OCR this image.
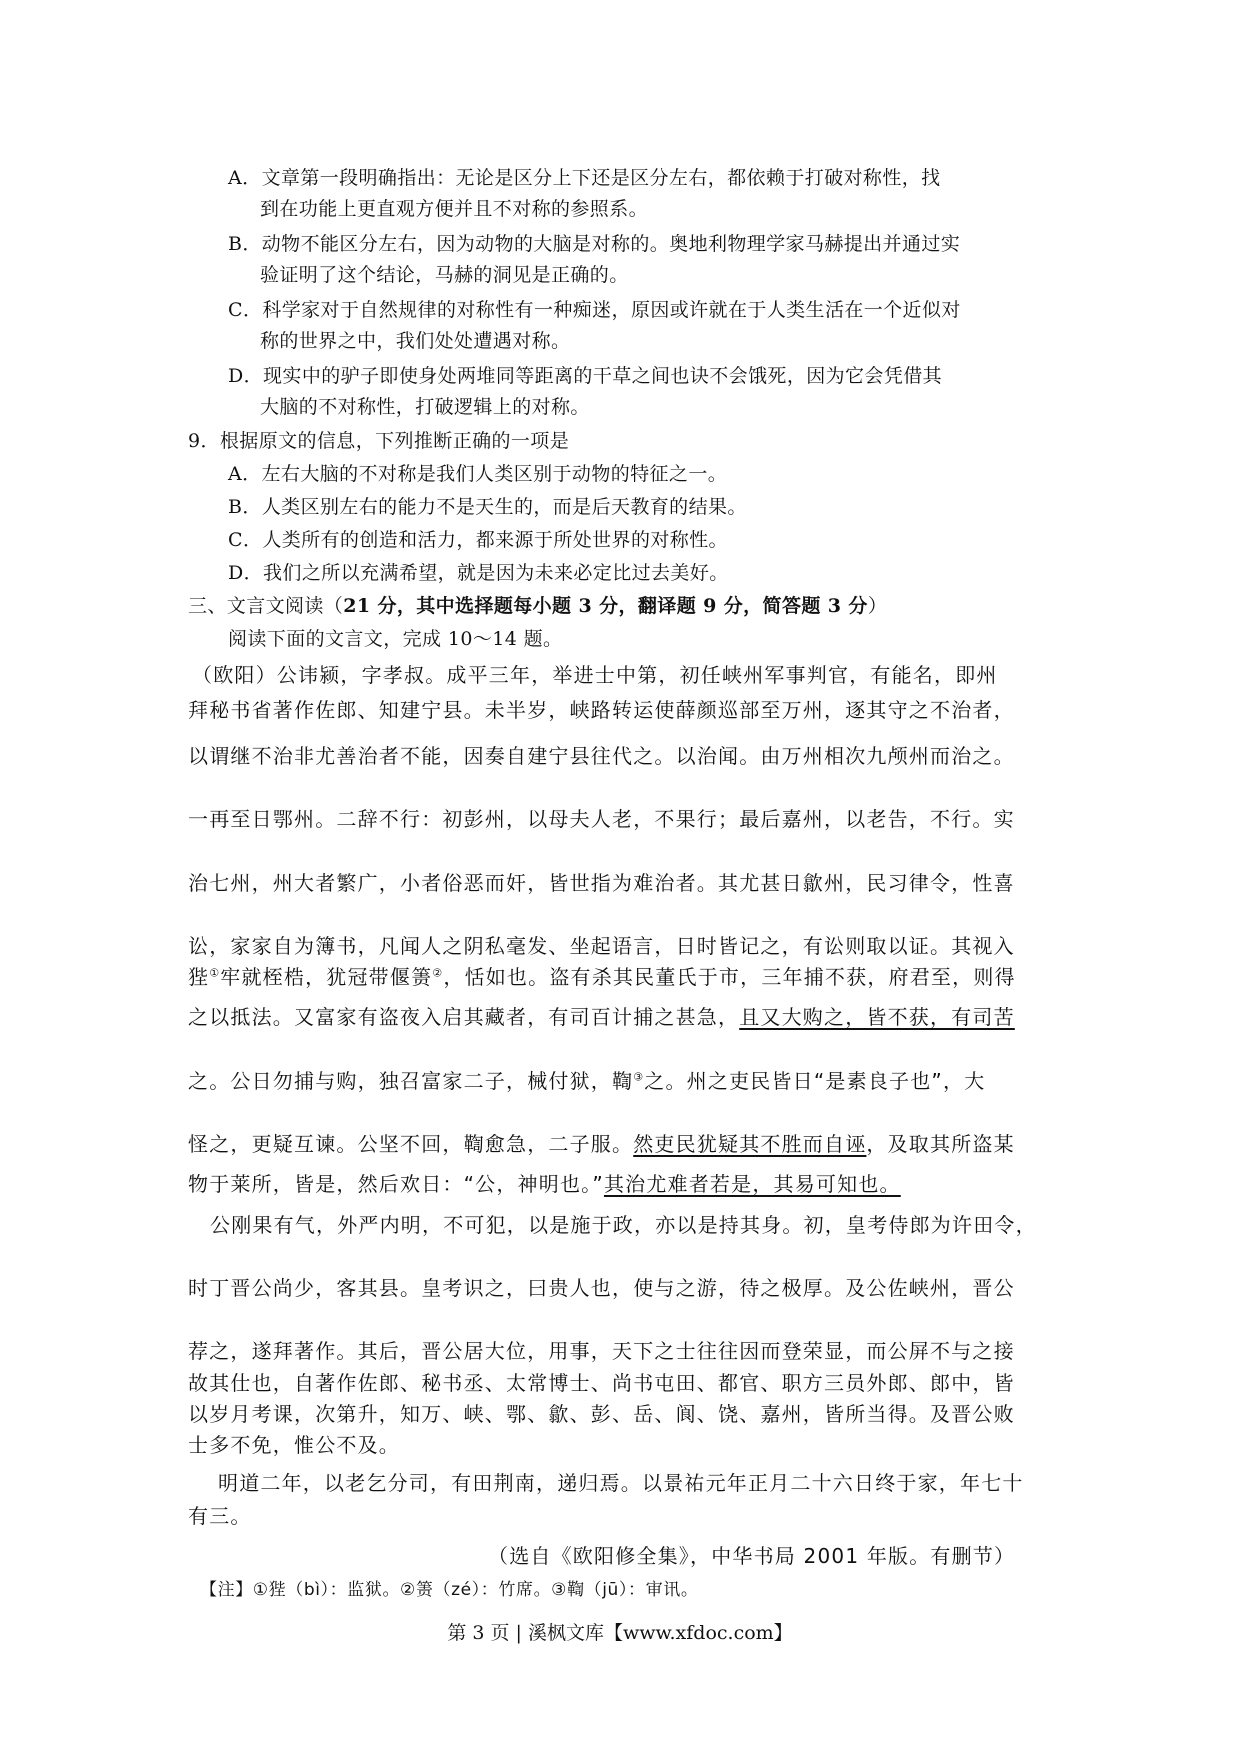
A．文章第一段明确指出：无论是区分上下还是区分左右，都依赖于打破对称性，找
到在功能上更直观方便并且不对称的参照系。
B．动物不能区分左右，因为动物的大脑是对称的。奥地利物理学家马赫提出并通过实
验证明了这个结论，马赫的洞见是正确的。
C．科学家对于自然规律的对称性有一种痴迷，原因或许就在于人类生活在一个近似对
称的世界之中，我们处处遭遇对称。
D．现实中的驴子即使身处两堆同等距离的干草之间也诀不会饿死，因为它会凭借其
大脑的不对称性，打破逻辑上的对称。
9．根据原文的信息，下列推断正确的一项是
A．左右大脑的不对称是我们人类区别于动物的特征之一。
B．人类区别左右的能力不是天生的，而是后天教育的结果。
C．人类所有的创造和活力，都来源于所处世界的对称性。
D．我们之所以充满希望，就是因为未来必定比过去美好。
三、文言文阅读（21 分，其中选择题每小题 3 分，翻译题 9 分，简答题 3 分）
阅读下面的文言文，完成 10～14 题。
（欧阳）公讳颍，字孝叔。成平三年，举进士中第，初任峡州军事判官，有能名，即州
拜秘书省著作佐郎、知建宁县。未半岁，峡路转运使薛颜巡部至万州，逐其守之不治者，
以谓继不治非尤善治者不能，因奏自建宁县往代之。以治闻。由万州相次九颅州而治之。
一再至日鄂州。二辞不行：初彭州，以母夫人老，不果行；最后嘉州，以老告，不行。实
治七州，州大者繁广，小者俗恶而奸，皆世指为难治者。其尤甚日歙州，民习律令，性喜
讼，家家自为簿书，凡闻人之阴私毫发、坐起语言，日时皆记之，有讼则取以证。其视入
狴①牢就桎梏，犹冠带偃箦②，恬如也。盗有杀其民董氏于市，三年捕不获，府君至，则得
之以抵法。又富家有盗夜入启其藏者，有司百计捕之甚急，且又大购之，皆不获，有司苦
之。公日勿捕与购，独召富家二子，械付狱，鞫③之。州之吏民皆日“是素良子也”，大
怪之，更疑互谏。公坚不回，鞫愈急，二子服。然吏民犹疑其不胜而自诬，及取其所盗某
物于莱所，皆是，然后欢日：“公，神明也。”其治尤难者若是，其易可知也。
公刚果有气，外严内明，不可犯，以是施于政，亦以是持其身。初，皇考侍郎为许田令，
时丁晋公尚少，客其县。皇考识之，曰贵人也，使与之游，待之极厚。及公佐峡州，晋公
荐之，遂拜著作。其后，晋公居大位，用事，天下之士往往因而登荣显，而公屏不与之接
故其仕也，自著作佐郎、秘书丞、太常博士、尚书屯田、都官、职方三员外郎、郎中，皆
以岁月考课，次第升，知万、峡、鄂、歙、彭、岳、阆、饶、嘉州，皆所当得。及晋公败
士多不免，惟公不及。
明道二年，以老乞分司，有田荆南，递归焉。以景祐元年正月二十六日终于家，年七十
有三。
（选自《欧阳修全集》，中华书局 2001 年版。有删节）
【注】①狴（bì）：监狱。②箦（zé）：竹席。③鞫（jū）：审讯。
第 3 页 | 溪枫文库【www.xfdoc.com】
